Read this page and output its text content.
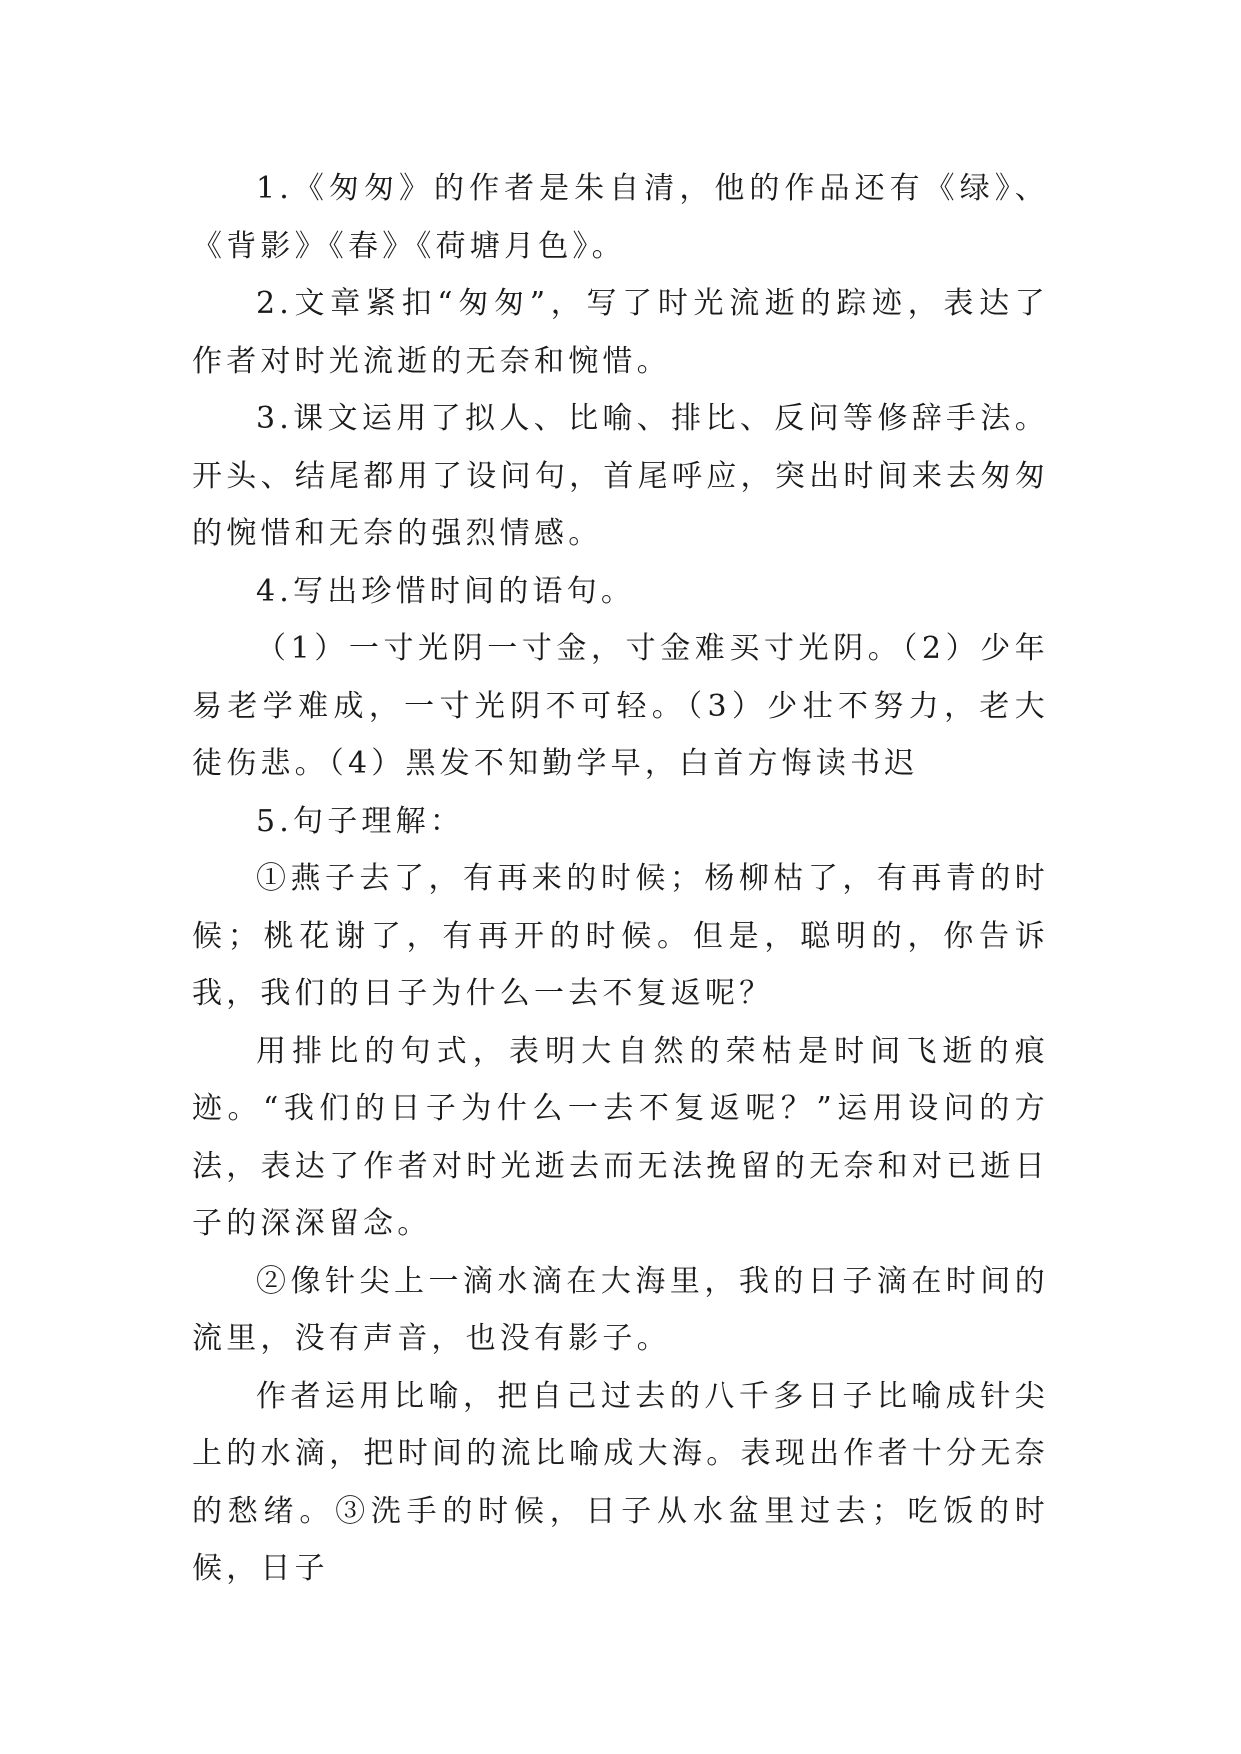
1.《匆匆》的作者是朱自清，他的作品还有《绿》、《背影》《春》《荷塘月色》。

2.文章紧扣“匆匆”，写了时光流逝的踪迹，表达了作者对时光流逝的无奈和惋惜。

3.课文运用了拟人、比喻、排比、反问等修辞手法。开头、结尾都用了设问句，首尾呼应，突出时间来去匆匆的惋惜和无奈的强烈情感。

4.写出珍惜时间的语句。

（1）一寸光阴一寸金，寸金难买寸光阴。（2）少年易老学难成，一寸光阴不可轻。（3）少壮不努力，老大徒伤悲。（4）黑发不知勤学早，白首方悔读书迟

5.句子理解：

①燕子去了，有再来的时候；杨柳枯了，有再青的时候；桃花谢了，有再开的时候。但是，聪明的，你告诉我，我们的日子为什么一去不复返呢？

用排比的句式，表明大自然的荣枯是时间飞逝的痕迹。“我们的日子为什么一去不复返呢？”运用设问的方法，表达了作者对时光逝去而无法挽留的无奈和对已逝日子的深深留念。

②像针尖上一滴水滴在大海里，我的日子滴在时间的流里，没有声音，也没有影子。

作者运用比喻，把自己过去的八千多日子比喻成针尖上的水滴，把时间的流比喻成大海。表现出作者十分无奈的愁绪。③洗手的时候，日子从水盆里过去；吃饭的时候，日子
